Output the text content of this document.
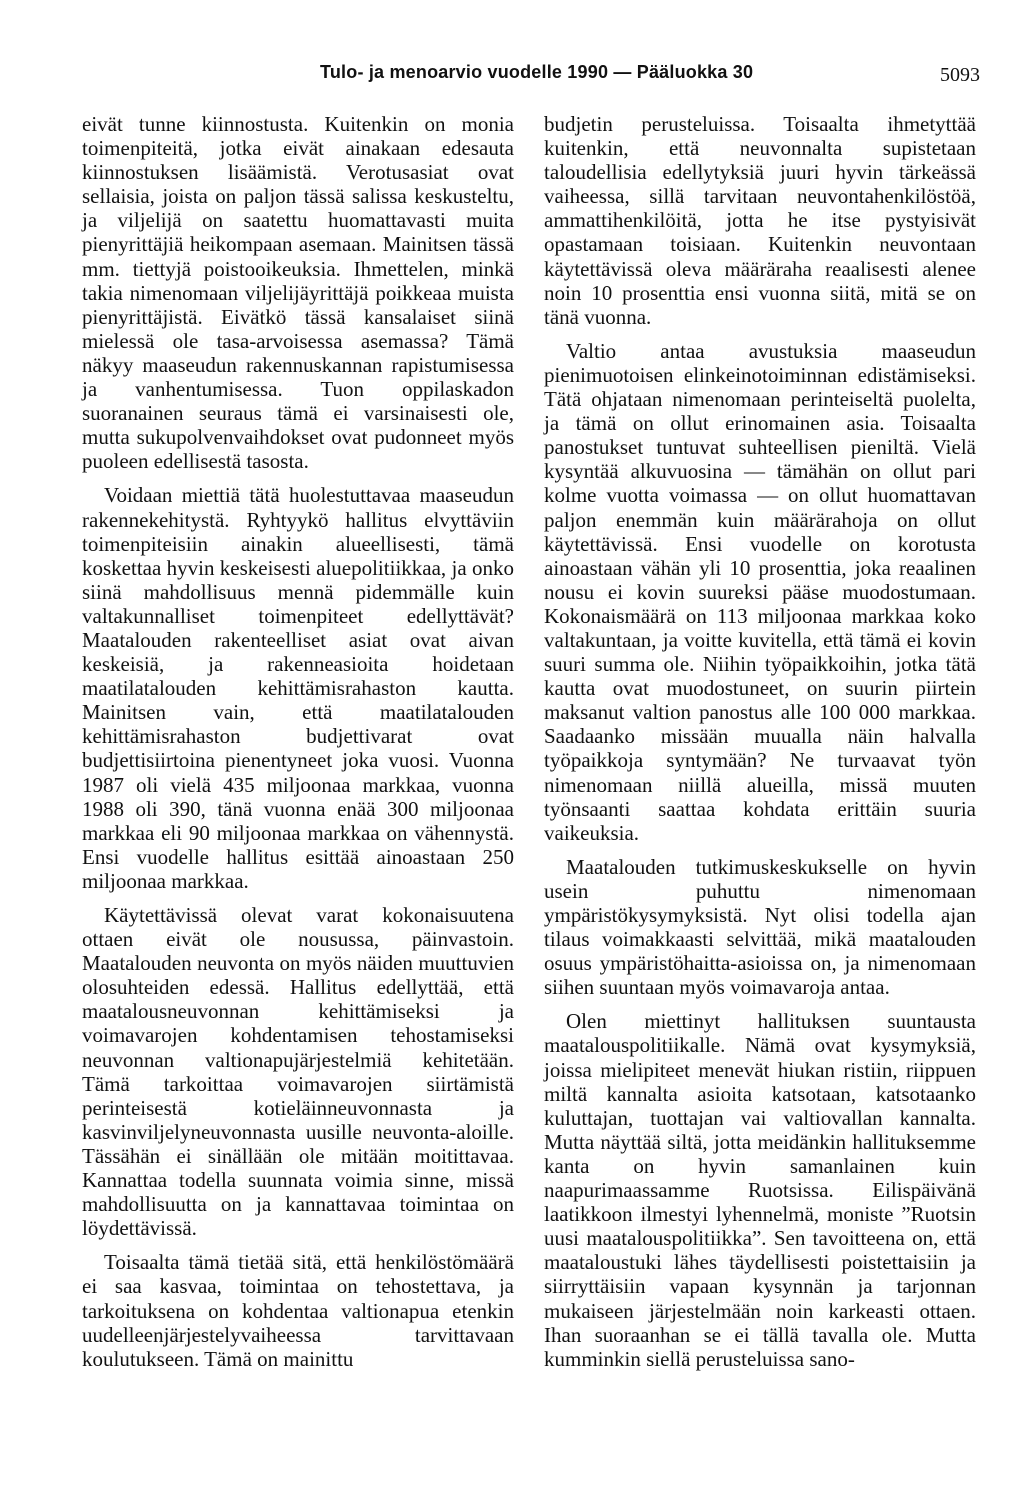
Tulo- ja menoarvio vuodelle 1990 — Pääluokka 30	5093

eivät tunne kiinnostusta. Kuitenkin on monia toimenpiteitä, jotka eivät ainakaan edesauta kiinnostuksen lisäämistä. Verotusasiat ovat sellaisia, joista on paljon tässä salissa keskusteltu, ja viljelijä on saatettu huomattavasti muita pienyrittäjiä heikompaan asemaan. Mainitsen tässä mm. tiettyjä poistooikeuksia. Ihmettelen, minkä takia nimenomaan viljelijäyrittäjä poikkeaa muista pienyrittäjistä. Eivätkö tässä kansalaiset siinä mielessä ole tasa-arvoisessa asemassa? Tämä näkyy maaseudun rakennuskannan rapistumisessa ja vanhentumisessa. Tuon oppilaskadon suoranainen seuraus tämä ei varsinaisesti ole, mutta sukupolvenvaihdokset ovat pudonneet myös puoleen edellisestä tasosta.

Voidaan miettiä tätä huolestuttavaa maaseudun rakennekehitystä. Ryhtyykö hallitus elvyttäviin toimenpiteisiin ainakin alueellisesti, tämä koskettaa hyvin keskeisesti aluepolitiikkaa, ja onko siinä mahdollisuus mennä pidemmälle kuin valtakunnalliset toimenpiteet edellyttävät? Maatalouden rakenteelliset asiat ovat aivan keskeisiä, ja rakenneasioita hoidetaan maatilatalouden kehittämisrahaston kautta. Mainitsen vain, että maatilatalouden kehittämisrahaston budjettivarat ovat budjettisiirtoina pienentyneet joka vuosi. Vuonna 1987 oli vielä 435 miljoonaa markkaa, vuonna 1988 oli 390, tänä vuonna enää 300 miljoonaa markkaa eli 90 miljoonaa markkaa on vähennystä. Ensi vuodelle hallitus esittää ainoastaan 250 miljoonaa markkaa.

Käytettävissä olevat varat kokonaisuutena ottaen eivät ole nousussa, päinvastoin. Maatalouden neuvonta on myös näiden muuttuvien olosuhteiden edessä. Hallitus edellyttää, että maatalousneuvonnan kehittämiseksi ja voimavarojen kohdentamisen tehostamiseksi neuvonnan valtionapujärjestelmiä kehitetään. Tämä tarkoittaa voimavarojen siirtämistä perinteisestä kotieläinneuvonnasta ja kasvinviljelyneuvonnasta uusille neuvonta-aloille. Tässähän ei sinällään ole mitään moitittavaa. Kannattaa todella suunnata voimia sinne, missä mahdollisuutta on ja kannattavaa toimintaa on löydettävissä.

Toisaalta tämä tietää sitä, että henkilöstömäärä ei saa kasvaa, toimintaa on tehostettava, ja tarkoituksena on kohdentaa valtionapua etenkin uudelleenjärjestelyvaiheessa tarvittavaan koulutukseen. Tämä on mainittu

budjetin perusteluissa. Toisaalta ihmetyttää kuitenkin, että neuvonnalta supistetaan taloudellisia edellytyksiä juuri hyvin tärkeässä vaiheessa, sillä tarvitaan neuvontahenkilöstöä, ammattihenkilöitä, jotta he itse pystyisivät opastamaan toisiaan. Kuitenkin neuvontaan käytettävissä oleva määräraha reaalisesti alenee noin 10 prosenttia ensi vuonna siitä, mitä se on tänä vuonna.

Valtio antaa avustuksia maaseudun pienimuotoisen elinkeinotoiminnan edistämiseksi. Tätä ohjataan nimenomaan perinteiseltä puolelta, ja tämä on ollut erinomainen asia. Toisaalta panostukset tuntuvat suhteellisen pieniltä. Vielä kysyntää alkuvuosina — tämähän on ollut pari kolme vuotta voimassa — on ollut huomattavan paljon enemmän kuin määrärahoja on ollut käytettävissä. Ensi vuodelle on korotusta ainoastaan vähän yli 10 prosenttia, joka reaalinen nousu ei kovin suureksi pääse muodostumaan. Kokonaismäärä on 113 miljoonaa markkaa koko valtakuntaan, ja voitte kuvitella, että tämä ei kovin suuri summa ole. Niihin työpaikkoihin, jotka tätä kautta ovat muodostuneet, on suurin piirtein maksanut valtion panostus alle 100 000 markkaa. Saadaanko missään muualla näin halvalla työpaikkoja syntymään? Ne turvaavat työn nimenomaan niillä alueilla, missä muuten työnsaanti saattaa kohdata erittäin suuria vaikeuksia.

Maatalouden tutkimuskeskukselle on hyvin usein puhuttu nimenomaan ympäristökysymyksistä. Nyt olisi todella ajan tilaus voimakkaasti selvittää, mikä maatalouden osuus ympäristöhaitta-asioissa on, ja nimenomaan siihen suuntaan myös voimavaroja antaa.

Olen miettinyt hallituksen suuntausta maatalouspolitiikalle. Nämä ovat kysymyksiä, joissa mielipiteet menevät hiukan ristiin, riippuen miltä kannalta asioita katsotaan, katsotaanko kuluttajan, tuottajan vai valtiovallan kannalta. Mutta näyttää siltä, jotta meidänkin hallituksemme kanta on hyvin samanlainen kuin naapurimaassamme Ruotsissa. Eilispäivänä laatikkoon ilmestyi lyhennelmä, moniste ”Ruotsin uusi maatalouspolitiikka”. Sen tavoitteena on, että maataloustuki lähes täydellisesti poistettaisiin ja siirryttäisiin vapaan kysynnän ja tarjonnan mukaiseen järjestelmään noin karkeasti ottaen. Ihan suoraanhan se ei tällä tavalla ole. Mutta kumminkin siellä perusteluissa sano-
